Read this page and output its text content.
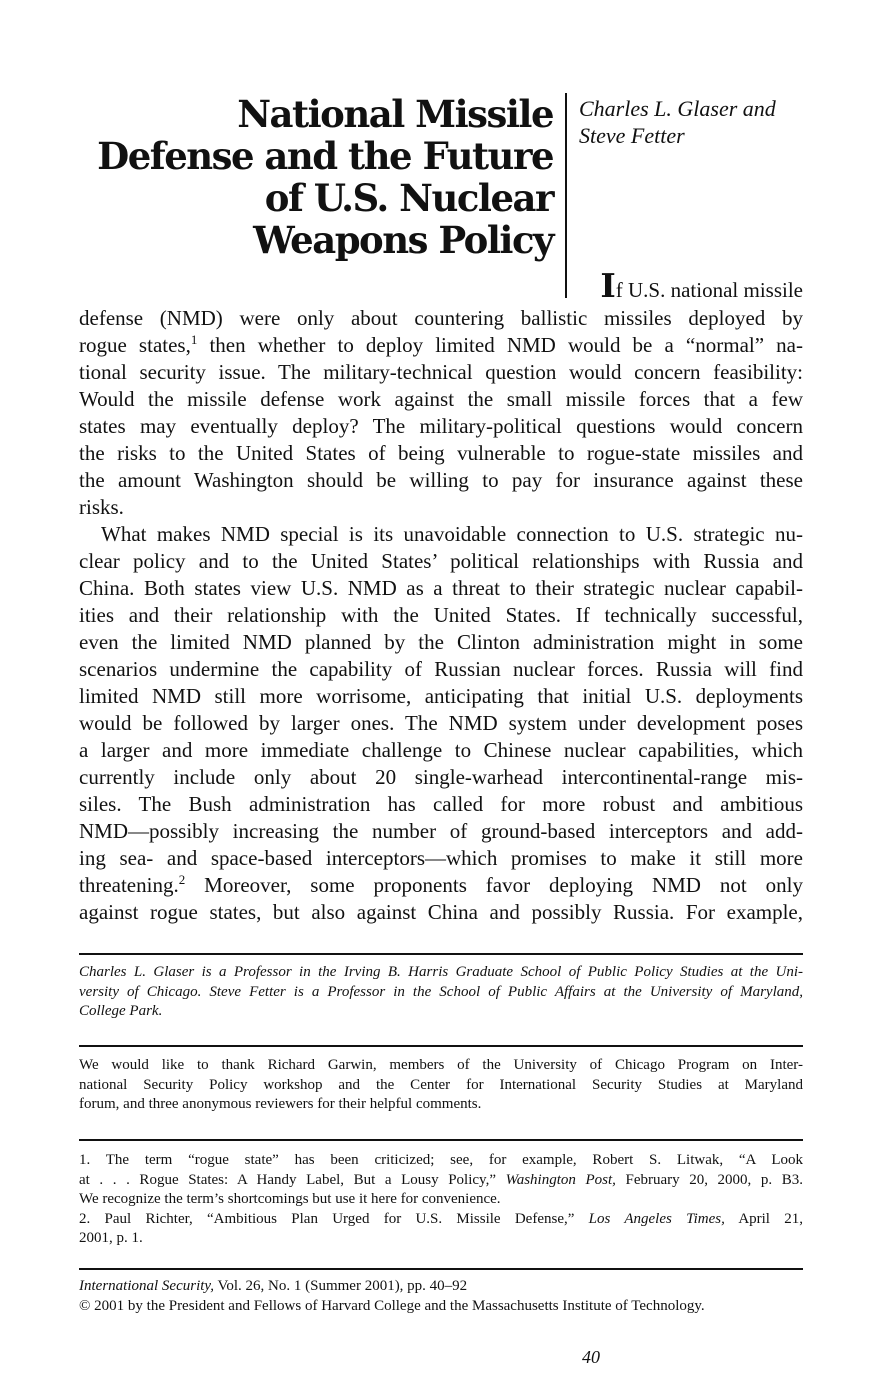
National Missile
Defense and the Future
of U.S. Nuclear
Weapons Policy
Charles L. Glaser and
Steve Fetter
If U.S. national missile
defense (NMD) were only about countering ballistic missiles deployed by
rogue states,$^1$ then whether to deploy limited NMD would be a “normal” na-
tional security issue. The military-technical question would concern feasibility:
Would the missile defense work against the small missile forces that a few
states may eventually deploy? The military-political questions would concern
the risks to the United States of being vulnerable to rogue-state missiles and
the amount Washington should be willing to pay for insurance against these
risks.
What makes NMD special is its unavoidable connection to U.S. strategic nu-
clear policy and to the United States’ political relationships with Russia and
China. Both states view U.S. NMD as a threat to their strategic nuclear capabil-
ities and their relationship with the United States. If technically successful,
even the limited NMD planned by the Clinton administration might in some
scenarios undermine the capability of Russian nuclear forces. Russia will find
limited NMD still more worrisome, anticipating that initial U.S. deployments
would be followed by larger ones. The NMD system under development poses
a larger and more immediate challenge to Chinese nuclear capabilities, which
currently include only about 20 single-warhead intercontinental-range mis-
siles. The Bush administration has called for more robust and ambitious
NMD—possibly increasing the number of ground-based interceptors and add-
ing sea- and space-based interceptors—which promises to make it still more
threatening.$^2$ Moreover, some proponents favor deploying NMD not only
against rogue states, but also against China and possibly Russia. For example,
Charles L. Glaser is a Professor in the Irving B. Harris Graduate School of Public Policy Studies at the Uni-
versity of Chicago. Steve Fetter is a Professor in the School of Public Affairs at the University of Maryland,
College Park.
We would like to thank Richard Garwin, members of the University of Chicago Program on Inter-
national Security Policy workshop and the Center for International Security Studies at Maryland
forum, and three anonymous reviewers for their helpful comments.
1. The term “rogue state” has been criticized; see, for example, Robert S. Litwak, “A Look
at . . . Rogue States: A Handy Label, But a Lousy Policy,” Washington Post, February 20, 2000, p. B3.
We recognize the term’s shortcomings but use it here for convenience.
2. Paul Richter, “Ambitious Plan Urged for U.S. Missile Defense,” Los Angeles Times, April 21,
2001, p. 1.
International Security, Vol. 26, No. 1 (Summer 2001), pp. 40–92
© 2001 by the President and Fellows of Harvard College and the Massachusetts Institute of Technology.
40
